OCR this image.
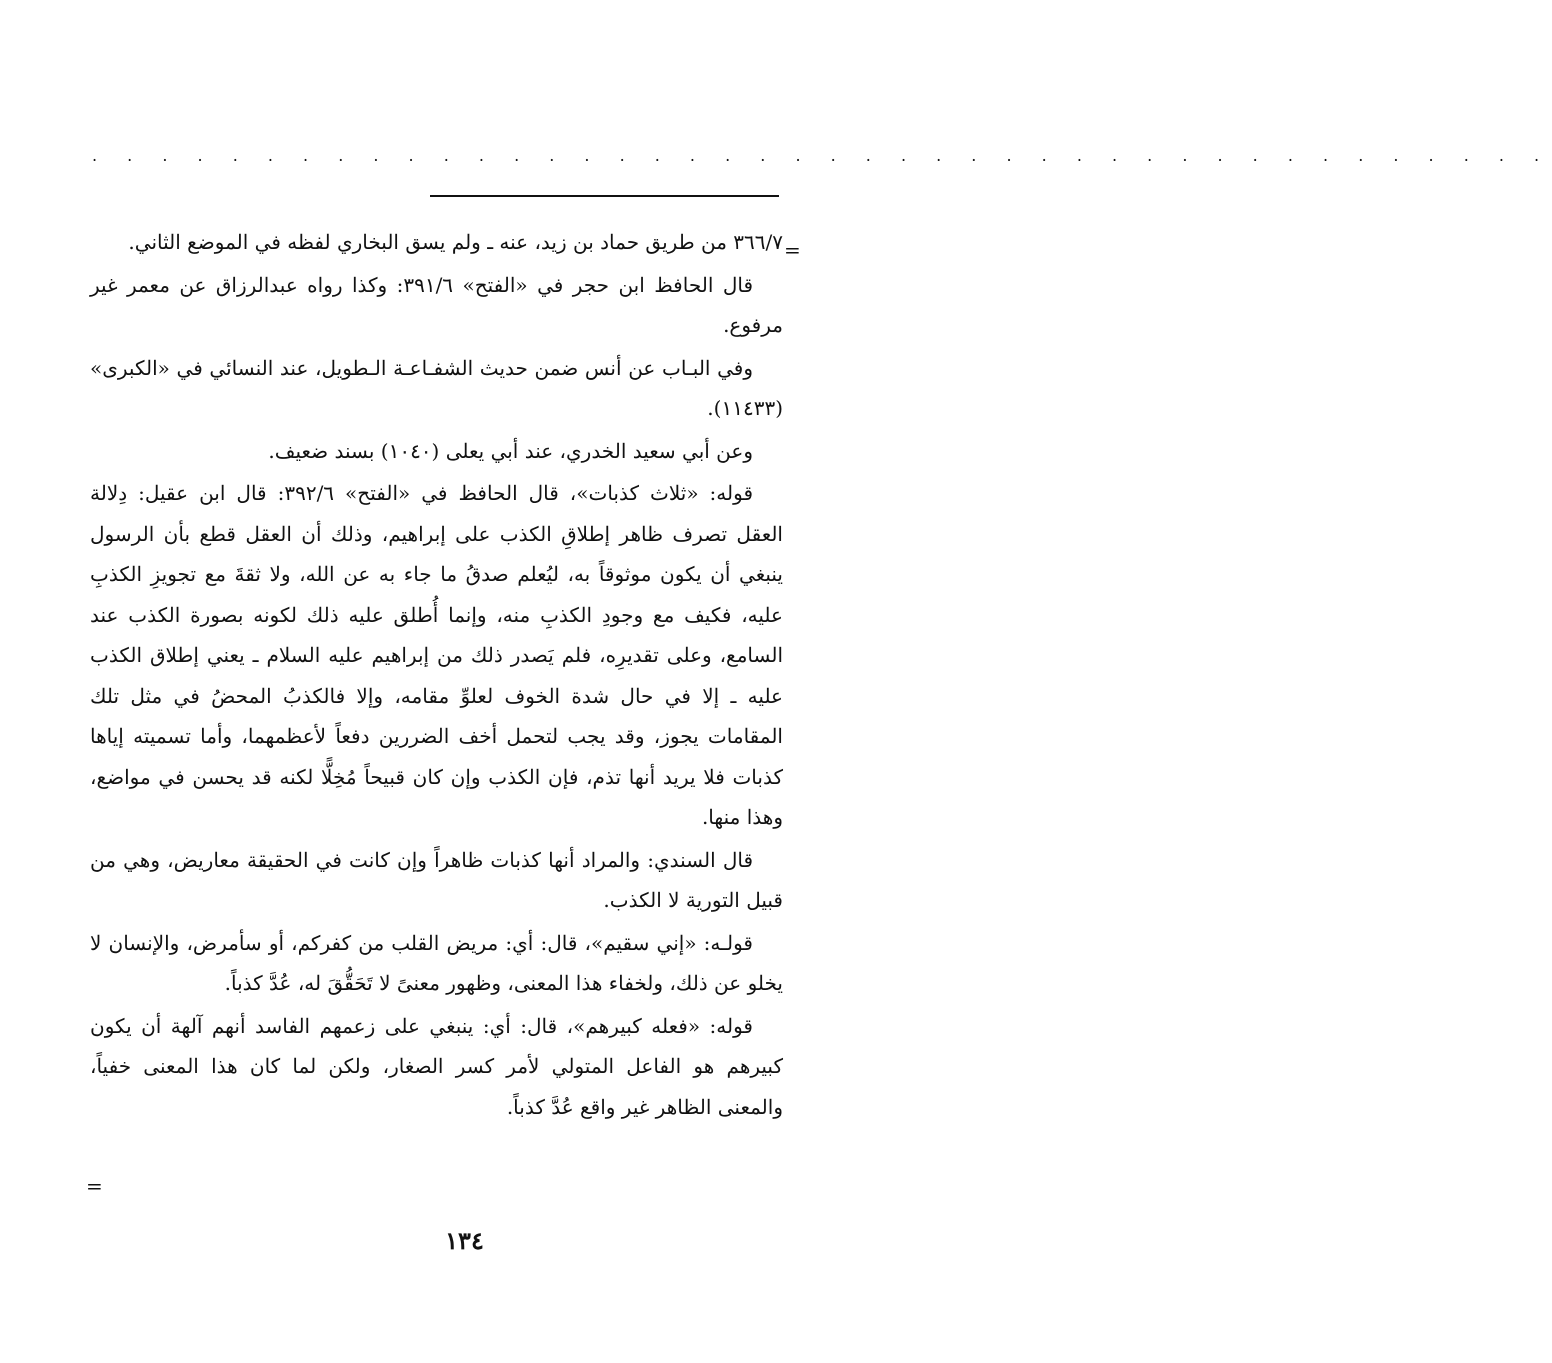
. . . . . . . . . . . . . . . . . . . . . . . . . . . . . . . . . . . . . . . . . .
=

٣٦٦/٧ من طريق حماد بن زيد، عنه ـ ولم يسق البخاري لفظه في الموضع الثاني.

قال الحافظ ابن حجر في «الفتح» ٣٩١/٦: وكذا رواه عبدالرزاق عن معمر غير مرفوع.

وفي البـاب عن أنس ضمن حديث الشفـاعـة الـطويل، عند النسائي في «الكبرى» (١١٤٣٣).

وعن أبي سعيد الخدري، عند أبي يعلى (١٠٤٠) بسند ضعيف.

قوله: «ثلاث كذبات»، قال الحافظ في «الفتح» ٣٩٢/٦: قال ابن عقيل: دِلالة العقل تصرف ظاهر إطلاقِ الكذب على إبراهيم، وذلك أن العقل قطع بأن الرسول ينبغي أن يكون موثوقاً به، ليُعلم صدقُ ما جاء به عن الله، ولا ثقةَ مع تجويزِ الكذبِ عليه، فكيف مع وجودِ الكذبِ منه، وإنما أُطلق عليه ذلك لكونه بصورة الكذب عند السامع، وعلى تقديرِه، فلم يَصدر ذلك من إبراهيم عليه السلام ـ يعني إطلاق الكذب عليه ـ إلا في حال شدة الخوف لعلوِّ مقامه، وإلا فالكذبُ المحضُ في مثل تلك المقامات يجوز، وقد يجب لتحمل أخف الضررين دفعاً لأعظمهما، وأما تسميته إياها كذبات فلا يريد أنها تذم، فإن الكذب وإن كان قبيحاً مُخِلًّا لكنه قد يحسن في مواضع، وهذا منها.

قال السندي: والمراد أنها كذبات ظاهراً وإن كانت في الحقيقة معاريض، وهي من قبيل التورية لا الكذب.

قولـه: «إني سقيم»، قال: أي: مريض القلب من كفركم، أو سأمرض، والإنسان لا يخلو عن ذلك، ولخفاء هذا المعنى، وظهور معنىً لا تَحَقُّقَ له، عُدَّ كذباً.

قوله: «فعله كبيرهم»، قال: أي: ينبغي على زعمهم الفاسد أنهم آلهة أن يكون كبيرهم هو الفاعل المتولي لأمر كسر الصغار، ولكن لما كان هذا المعنى خفياً، والمعنى الظاهر غير واقع عُدَّ كذباً.

=
١٣٤
